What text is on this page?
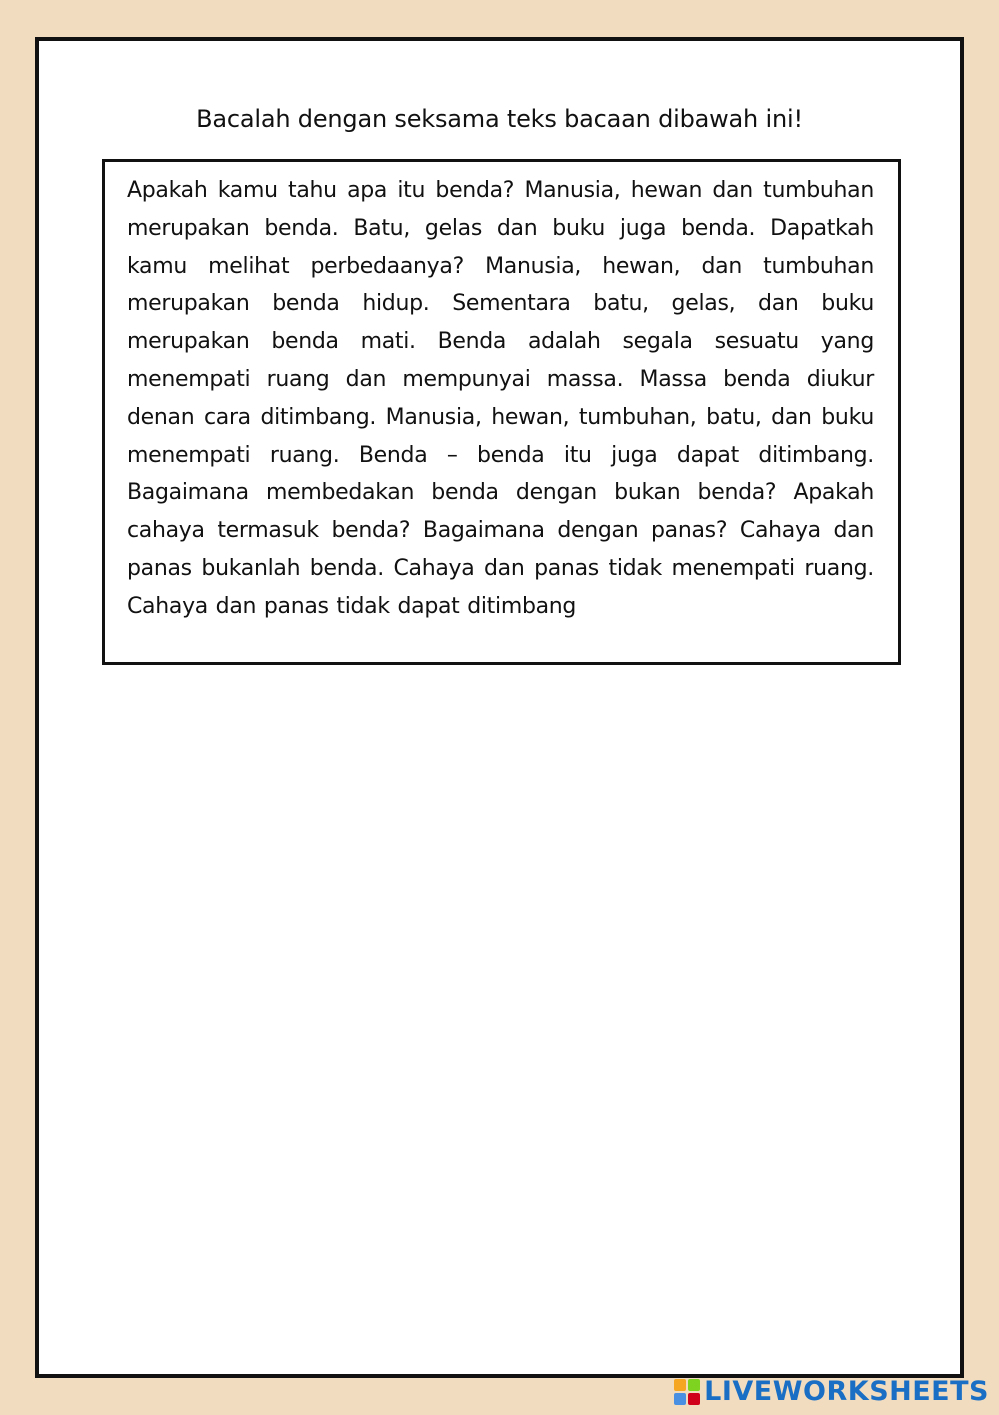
Bacalah dengan seksama teks bacaan dibawah ini!

Apakah kamu tahu apa itu benda? Manusia, hewan dan tumbuhan merupakan benda. Batu, gelas dan buku juga benda. Dapatkah kamu melihat perbedaanya? Manusia, hewan, dan tumbuhan merupakan benda hidup. Sementara batu, gelas, dan buku merupakan benda mati. Benda adalah segala sesuatu yang menempati ruang dan mempunyai massa. Massa benda diukur denan cara ditimbang. Manusia, hewan, tumbuhan, batu, dan buku menempati ruang. Benda – benda itu juga dapat ditimbang. Bagaimana membedakan benda dengan bukan benda? Apakah cahaya termasuk benda? Bagaimana dengan panas? Cahaya dan panas bukanlah benda. Cahaya dan panas tidak menempati ruang. Cahaya dan panas tidak dapat ditimbang

LIVEWORKSHEETS
